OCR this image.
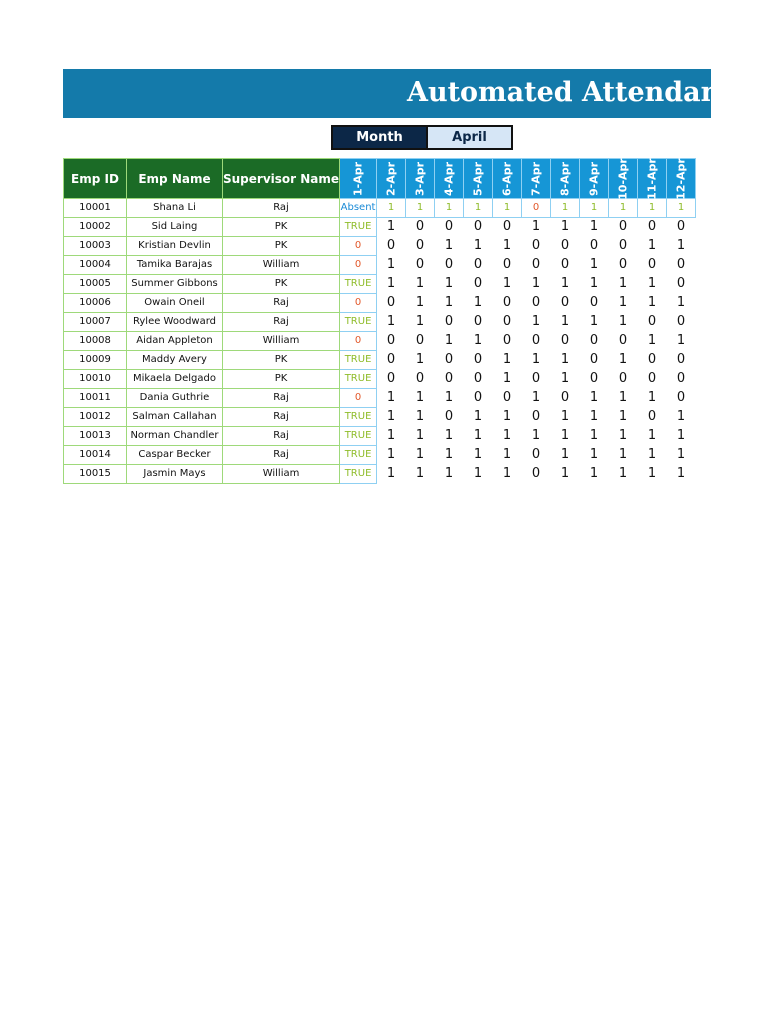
Automated Attendance
Month	April
Emp ID	Emp Name	Supervisor Name	1-Apr	2-Apr	3-Apr	4-Apr	5-Apr	6-Apr	7-Apr	8-Apr	9-Apr	10-Apr	11-Apr	12-Apr

10001	Shana Li	Raj	Absent	1	1	1	1	1	0	1	1	1	1	1
10002	Sid Laing	PK	TRUE	1	0	0	0	0	1	1	1	0	0	0
10003	Kristian Devlin	PK	0	0	0	1	1	1	0	0	0	0	1	1
10004	Tamika Barajas	William	0	1	0	0	0	0	0	0	1	0	0	0
10005	Summer Gibbons	PK	TRUE	1	1	1	0	1	1	1	1	1	1	0
10006	Owain Oneil	Raj	0	0	1	1	1	0	0	0	0	1	1	1
10007	Rylee Woodward	Raj	TRUE	1	1	0	0	0	1	1	1	1	0	0
10008	Aidan Appleton	William	0	0	0	1	1	0	0	0	0	0	1	1
10009	Maddy Avery	PK	TRUE	0	1	0	0	1	1	1	0	1	0	0
10010	Mikaela Delgado	PK	TRUE	0	0	0	0	1	0	1	0	0	0	0
10011	Dania Guthrie	Raj	0	1	1	1	0	0	1	0	1	1	1	0
10012	Salman Callahan	Raj	TRUE	1	1	0	1	1	0	1	1	1	0	1
10013	Norman Chandler	Raj	TRUE	1	1	1	1	1	1	1	1	1	1	1
10014	Caspar Becker	Raj	TRUE	1	1	1	1	1	0	1	1	1	1	1
10015	Jasmin Mays	William	TRUE	1	1	1	1	1	0	1	1	1	1	1
